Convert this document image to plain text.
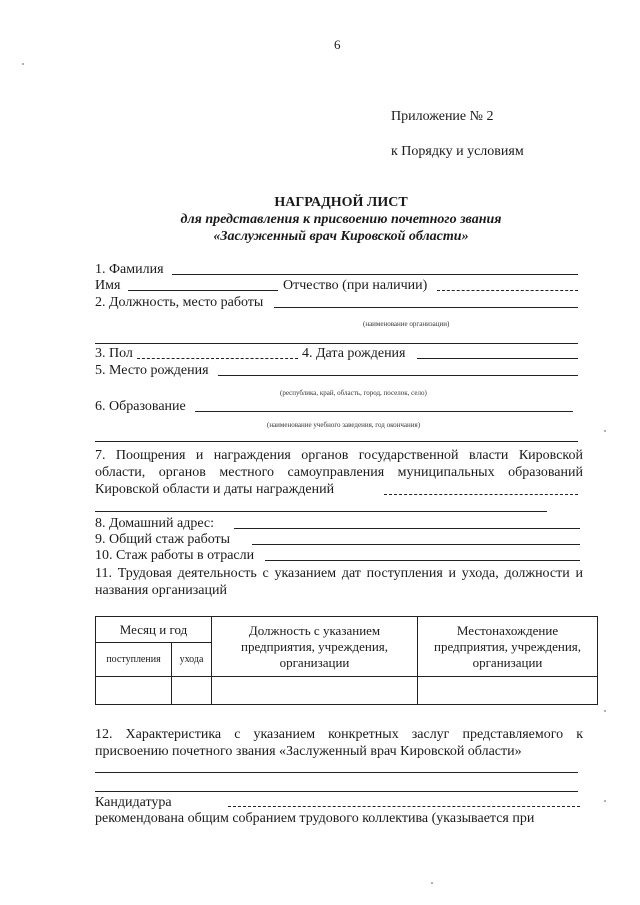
6
Приложение № 2
к Порядку и условиям
НАГРАДНОЙ ЛИСТ
для представления к присвоению почетного звания
«Заслуженный врач Кировской области»
1. Фамилия
Имя	Отчество (при наличии)
2. Должность, место работы
(наименование организации)
3. Пол	4. Дата рождения
5. Место рождения
(республика, край, область, город, поселок, село)
6. Образование
(наименование учебного заведения, год окончания)
7. Поощрения и награждения органов государственной власти Кировской области, органов местного самоуправления муниципальных образований Кировской области и даты награждений
8. Домашний адрес:
9. Общий стаж работы
10. Стаж работы в отрасли
11. Трудовая деятельность с указанием дат поступления и ухода, должности и названия организаций
Месяц и год		Должность с указанием предприятия, учреждения, организации	Местонахождение предприятия, учреждения, организации
поступления	ухода		

12. Характеристика с указанием конкретных заслуг представляемого к присвоению почетного звания «Заслуженный врач Кировской области»
Кандидатура
рекомендована общим собранием трудового коллектива (указывается при
